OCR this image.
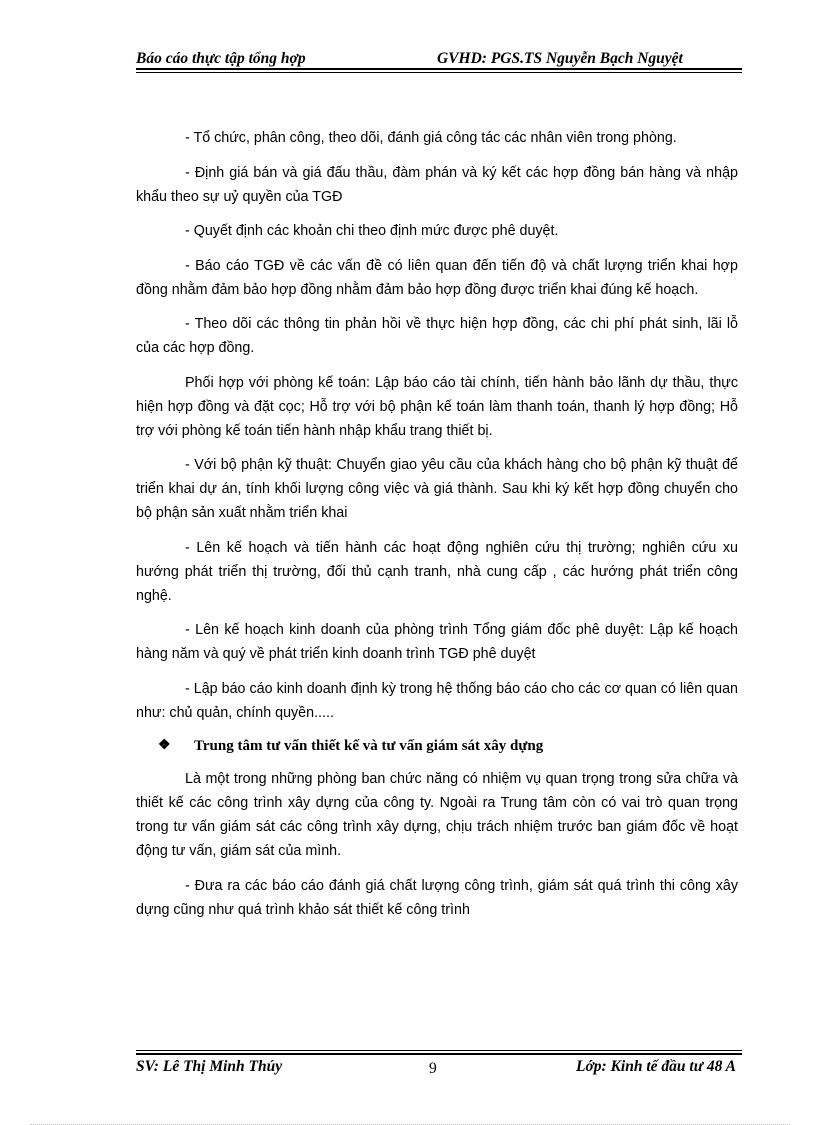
Báo cáo thực tập tổng hợp	GVHD: PGS.TS Nguyễn Bạch Nguyệt

- Tổ chức, phân công, theo dõi, đánh giá công tác các nhân viên trong phòng.

- Định giá bán và giá đấu thầu, đàm phán và ký kết các hợp đồng bán hàng và nhập khẩu theo sự uỷ quyền của TGĐ

- Quyết định các khoản chi theo định mức được phê duyệt.

- Báo cáo TGĐ về các vấn đề có liên quan đến tiến độ và chất lượng triển khai hợp đồng nhằm đảm bảo hợp đồng nhằm đảm bảo hợp đồng được triển khai đúng kế hoạch.

- Theo dõi các thông tin phản hồi về thực hiện hợp đồng, các chi phí phát sinh, lãi lỗ của các hợp đồng.

Phối hợp với phòng kế toán: Lập báo cáo tài chính, tiến hành bảo lãnh dự thầu, thực hiện hợp đồng và đặt cọc; Hỗ trợ với bộ phận kế toán làm thanh toán, thanh lý hợp đồng; Hỗ trợ với phòng kế toán tiến hành nhập khẩu trang thiết bị.

- Với bộ phận kỹ thuật: Chuyển giao yêu cầu của khách hàng cho bộ phận kỹ thuật để triển khai dự án, tính khối lượng công việc và giá thành. Sau khi ký kết hợp đồng chuyển cho bộ phận sản xuất nhằm triển khai

- Lên kế hoạch và tiến hành các hoạt động nghiên cứu thị trường; nghiên cứu xu hướng phát triển thị trường, đối thủ cạnh tranh, nhà cung cấp , các hướng phát triển công nghệ.

- Lên kế hoạch kinh doanh của phòng trình Tổng giám đốc phê duyệt: Lập kế hoạch hàng năm và quý về phát triển kinh doanh trình TGĐ phê duyệt

- Lập báo cáo kinh doanh định kỳ trong hệ thống báo cáo cho các cơ quan có liên quan như: chủ quản, chính quyền.....

❖ Trung tâm tư vấn thiết kế và tư vấn giám sát xây dựng

Là một trong những phòng ban chức năng có nhiệm vụ quan trọng trong sửa chữa và thiết kế các công trình xây dựng của công ty. Ngoài ra Trung tâm còn có vai trò quan trọng trong tư vấn giám sát các công trình xây dựng, chịu trách nhiệm trước ban giám đốc về hoạt động tư vấn, giám sát của mình.

- Đưa ra các báo cáo đánh giá chất lượng công trình, giám sát quá trình thi công xây dựng cũng như quá trình khảo sát thiết kế công trình

SV: Lê Thị Minh Thúy	9	Lớp: Kinh tế đầu tư 48 A
